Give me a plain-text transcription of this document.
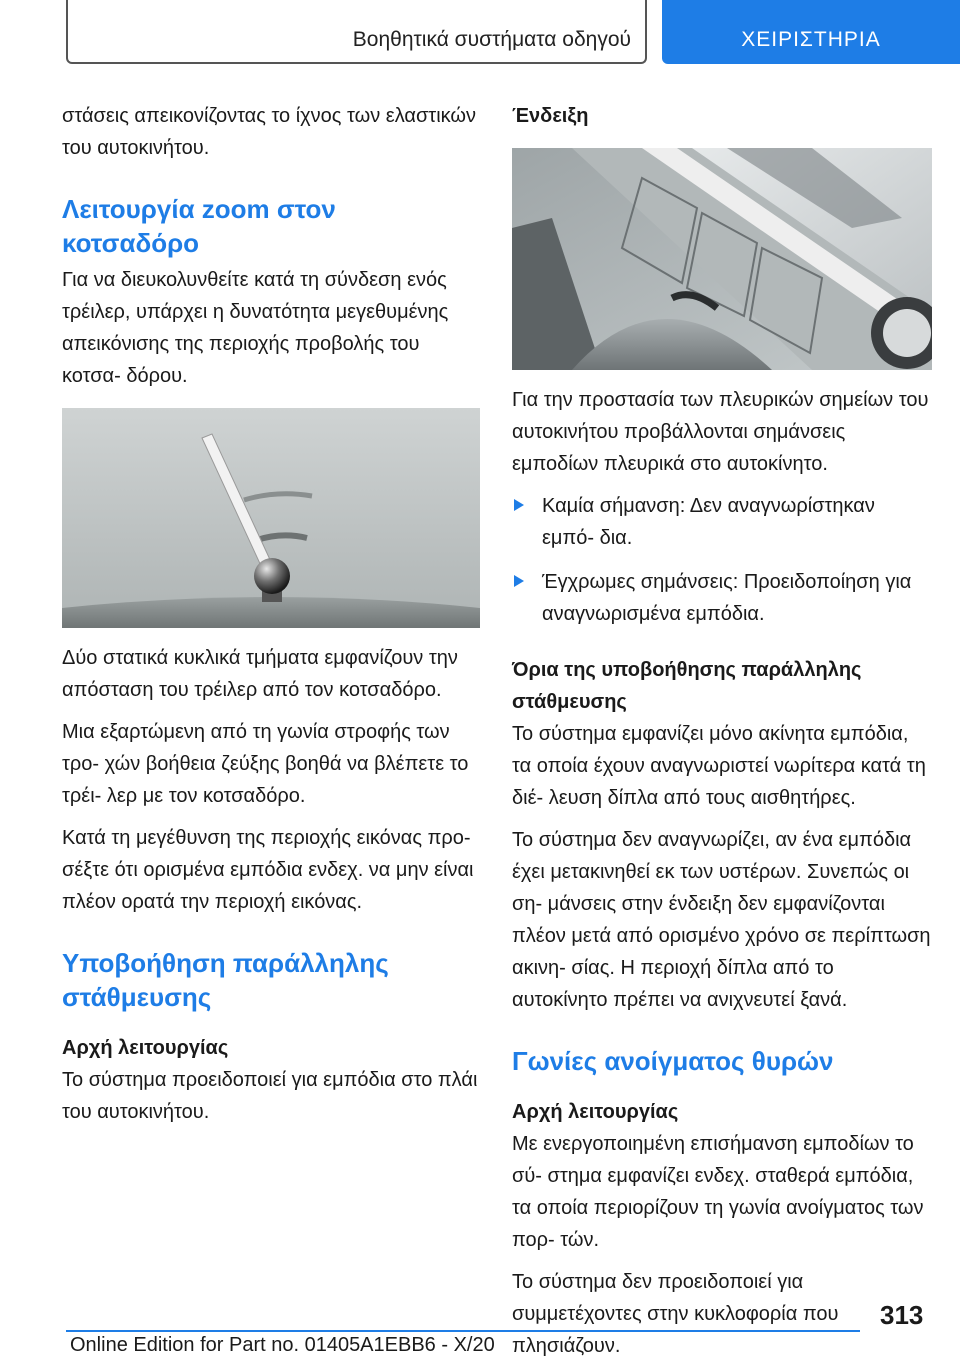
Βοηθητικά συστήματα οδηγού	ΧΕΙΡΙΣΤΗΡΙΑ

στάσεις απεικονίζοντας το ίχνος των ελαστικών του αυτοκινήτου.

Λειτουργία zoom στον κοτσαδόρο

Για να διευκολυνθείτε κατά τη σύνδεση ενός τρέιλερ, υπάρχει η δυνατότητα μεγεθυμένης απεικόνισης της περιοχής προβολής του κοτσα- δόρου.

Δύο στατικά κυκλικά τμήματα εμφανίζουν την απόσταση του τρέιλερ από τον κοτσαδόρο.

Μια εξαρτώμενη από τη γωνία στροφής των τρο- χών βοήθεια ζεύξης βοηθά να βλέπετε το τρέι- λερ με τον κοτσαδόρο.

Κατά τη μεγέθυνση της περιοχής εικόνας προ- σέξτε ότι ορισμένα εμπόδια ενδεχ. να μην είναι πλέον ορατά την περιοχή εικόνας.

Υποβοήθηση παράλληλης στάθμευσης
Αρχή λειτουργίας

Το σύστημα προειδοποιεί για εμπόδια στο πλάι του αυτοκινήτου.

Ένδειξη

Για την προστασία των πλευρικών σημείων του αυτοκινήτου προβάλλονται σημάνσεις εμποδίων πλευρικά στο αυτοκίνητο.

Καμία σήμανση: Δεν αναγνωρίστηκαν εμπό- δια.

Έγχρωμες σημάνσεις: Προειδοποίηση για αναγνωρισμένα εμπόδια.

Όρια της υποβοήθησης παράλληλης στάθμευσης

Το σύστημα εμφανίζει μόνο ακίνητα εμπόδια, τα οποία έχουν αναγνωριστεί νωρίτερα κατά τη διέ- λευση δίπλα από τους αισθητήρες.

Το σύστημα δεν αναγνωρίζει, αν ένα εμπόδια έχει μετακινηθεί εκ των υστέρων. Συνεπώς οι ση- μάνσεις στην ένδειξη δεν εμφανίζονται πλέον μετά από ορισμένο χρόνο σε περίπτωση ακινη- σίας. Η περιοχή δίπλα από το αυτοκίνητο πρέπει να ανιχνευτεί ξανά.

Γωνίες ανοίγματος θυρών
Αρχή λειτουργίας

Με ενεργοποιημένη επισήμανση εμποδίων το σύ- στημα εμφανίζει ενδεχ. σταθερά εμπόδια, τα οποία περιορίζουν τη γωνία ανοίγματος των πορ- τών.

Το σύστημα δεν προειδοποιεί για συμμετέχοντες στην κυκλοφορία που πλησιάζουν.

313
Online Edition for Part no. 01405A1EBB6 - X/20
